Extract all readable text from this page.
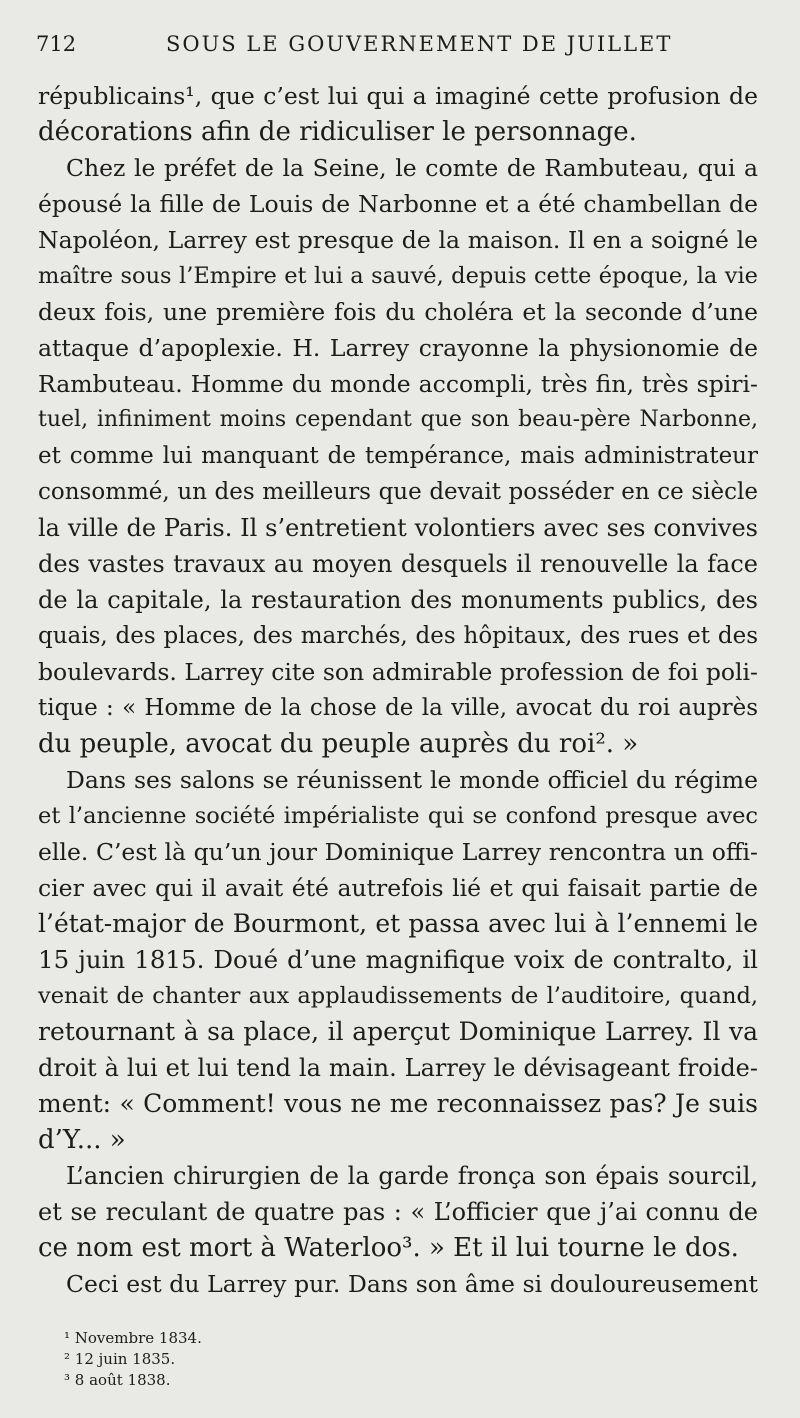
712	SOUS LE GOUVERNEMENT DE JUILLET
républicains¹, que c’est lui qui a imaginé cette profusion de
décorations afin de ridiculiser le personnage.
Chez le préfet de la Seine, le comte de Rambuteau, qui a
épousé la fille de Louis de Narbonne et a été chambellan de
Napoléon, Larrey est presque de la maison. Il en a soigné le
maître sous l’Empire et lui a sauvé, depuis cette époque, la vie
deux fois, une première fois du choléra et la seconde d’une
attaque d’apoplexie. H. Larrey crayonne la physionomie de
Rambuteau. Homme du monde accompli, très fin, très spiri-
tuel, infiniment moins cependant que son beau-père Narbonne,
et comme lui manquant de tempérance, mais administrateur
consommé, un des meilleurs que devait posséder en ce siècle
la ville de Paris. Il s’entretient volontiers avec ses convives
des vastes travaux au moyen desquels il renouvelle la face
de la capitale, la restauration des monuments publics, des
quais, des places, des marchés, des hôpitaux, des rues et des
boulevards. Larrey cite son admirable profession de foi poli-
tique : « Homme de la chose de la ville, avocat du roi auprès
du peuple, avocat du peuple auprès du roi². »
Dans ses salons se réunissent le monde officiel du régime
et l’ancienne société impérialiste qui se confond presque avec
elle. C’est là qu’un jour Dominique Larrey rencontra un offi-
cier avec qui il avait été autrefois lié et qui faisait partie de
l’état-major de Bourmont, et passa avec lui à l’ennemi le
15 juin 1815. Doué d’une magnifique voix de contralto, il
venait de chanter aux applaudissements de l’auditoire, quand,
retournant à sa place, il aperçut Dominique Larrey. Il va
droit à lui et lui tend la main. Larrey le dévisageant froide-
ment: « Comment! vous ne me reconnaissez pas? Je suis
d’Y... »
L’ancien chirurgien de la garde fronça son épais sourcil,
et se reculant de quatre pas : « L’officier que j’ai connu de
ce nom est mort à Waterloo³. » Et il lui tourne le dos.
Ceci est du Larrey pur. Dans son âme si douloureusement
¹ Novembre 1834.
² 12 juin 1835.
³ 8 août 1838.
